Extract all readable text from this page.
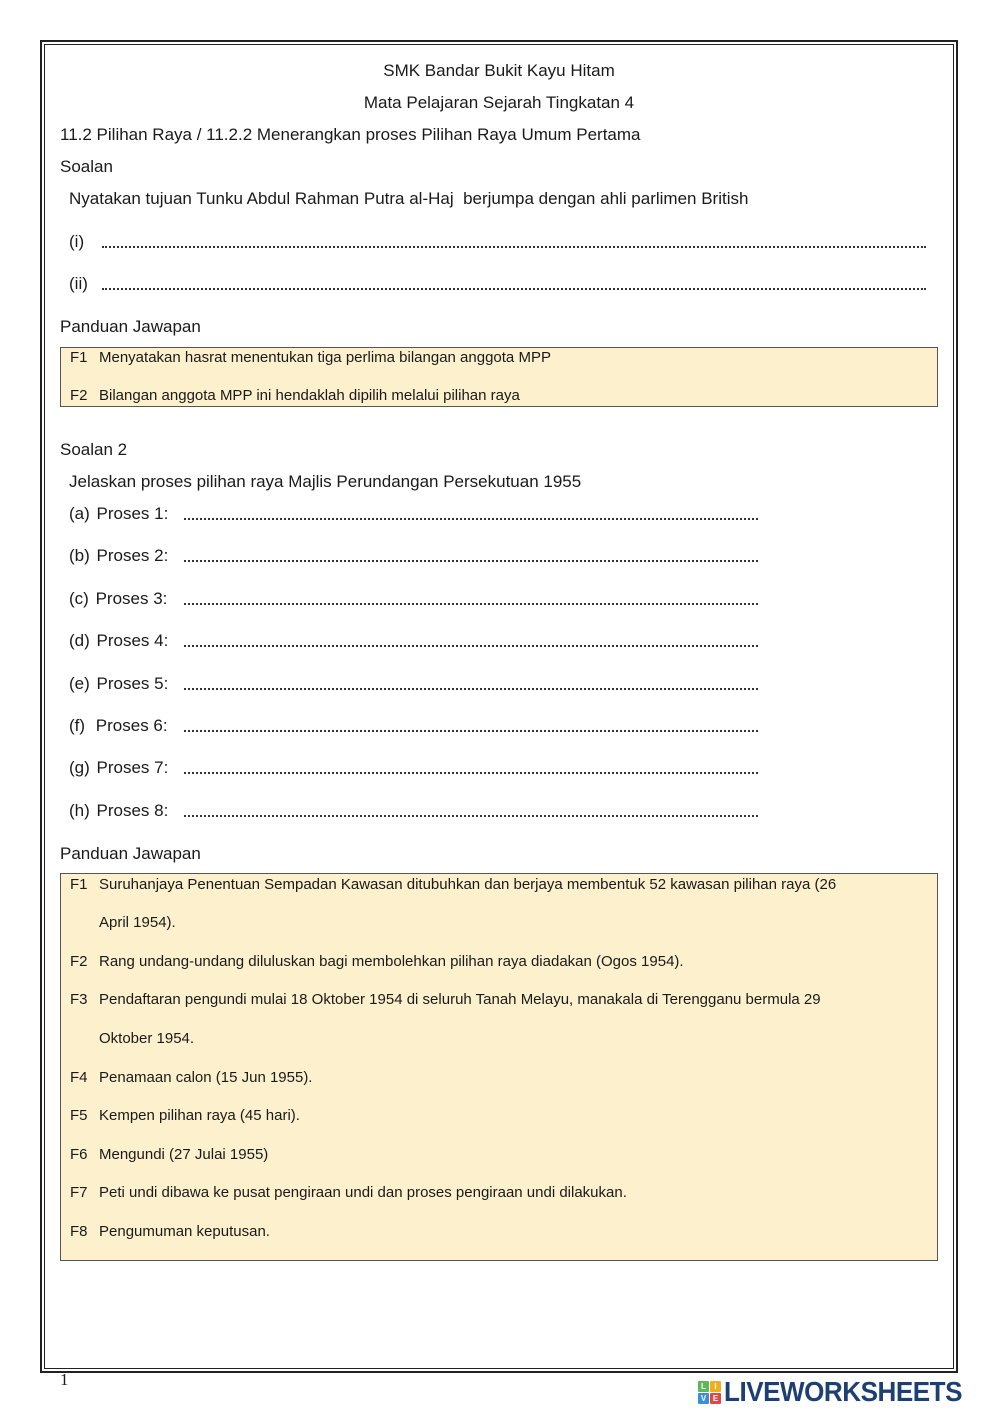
SMK Bandar Bukit Kayu Hitam
Mata Pelajaran Sejarah Tingkatan 4
11.2 Pilihan Raya / 11.2.2 Menerangkan proses Pilihan Raya Umum Pertama
Soalan
Nyatakan tujuan Tunku Abdul Rahman Putra al-Haj  berjumpa dengan ahli parlimen British
(i)
(ii)
Panduan Jawapan
F1 Menyatakan hasrat menentukan tiga perlima bilangan anggota MPP
F2 Bilangan anggota MPP ini hendaklah dipilih melalui pilihan raya
Soalan 2
Jelaskan proses pilihan raya Majlis Perundangan Persekutuan 1955
(a) Proses 1:
(b) Proses 2:
(c) Proses 3:
(d) Proses 4:
(e) Proses 5:
(f) Proses 6:
(g) Proses 7:
(h) Proses 8:
Panduan Jawapan
F1 Suruhanjaya Penentuan Sempadan Kawasan ditubuhkan dan berjaya membentuk 52 kawasan pilihan raya (26
April 1954).
F2 Rang undang-undang diluluskan bagi membolehkan pilihan raya diadakan (Ogos 1954).
F3 Pendaftaran pengundi mulai 18 Oktober 1954 di seluruh Tanah Melayu, manakala di Terengganu bermula 29
Oktober 1954.
F4 Penamaan calon (15 Jun 1955).
F5 Kempen pilihan raya (45 hari).
F6 Mengundi (27 Julai 1955)
F7 Peti undi dibawa ke pusat pengiraan undi dan proses pengiraan undi dilakukan.
F8 Pengumuman keputusan.
1	L	I
V E LIVEWORKSHEETS
